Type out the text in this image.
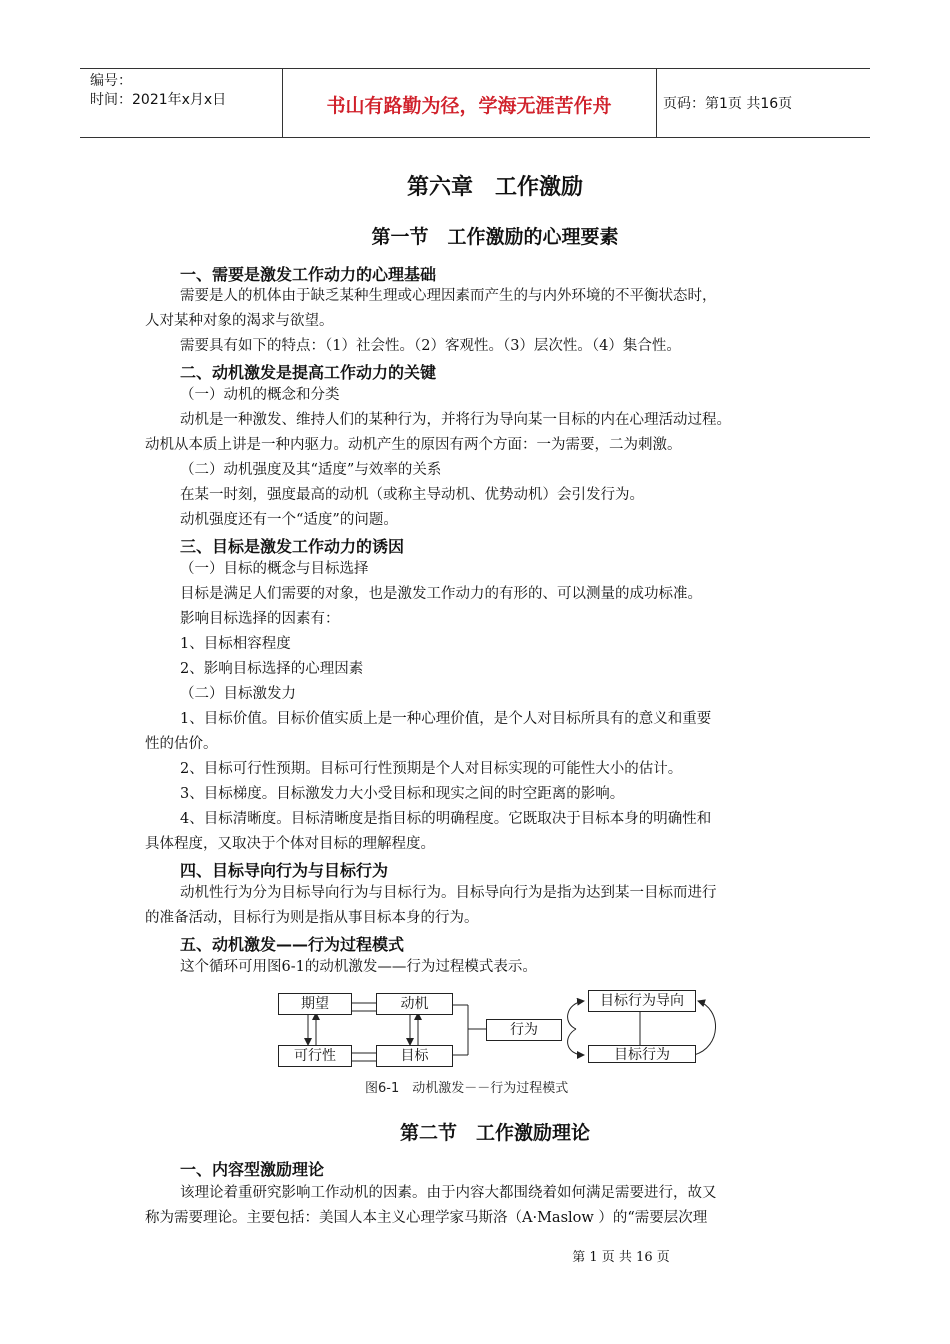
编号：
时间：2021年x月x日	书山有路勤为径，学海无涯苦作舟	页码：第1页 共16页
第六章　工作激励
第一节　工作激励的心理要素
一、需要是激发工作动力的心理基础
需要是人的机体由于缺乏某种生理或心理因素而产生的与内外环境的不平衡状态时，
人对某种对象的渴求与欲望。
需要具有如下的特点：（1）社会性。（2）客观性。（3）层次性。（4）集合性。
二、动机激发是提高工作动力的关键
（一）动机的概念和分类
动机是一种激发、维持人们的某种行为，并将行为导向某一目标的内在心理活动过程。
动机从本质上讲是一种内驱力。动机产生的原因有两个方面：一为需要，二为刺激。
（二）动机强度及其“适度”与效率的关系
在某一时刻，强度最高的动机（或称主导动机、优势动机）会引发行为。
动机强度还有一个“适度”的问题。
三、目标是激发工作动力的诱因
（一）目标的概念与目标选择
目标是满足人们需要的对象，也是激发工作动力的有形的、可以测量的成功标准。
影响目标选择的因素有：
1、目标相容程度
2、影响目标选择的心理因素
（二）目标激发力
1、目标价值。目标价值实质上是一种心理价值，是个人对目标所具有的意义和重要
性的估价。
2、目标可行性预期。目标可行性预期是个人对目标实现的可能性大小的估计。
3、目标梯度。目标激发力大小受目标和现实之间的时空距离的影响。
4、目标清晰度。目标清晰度是指目标的明确程度。它既取决于目标本身的明确性和
具体程度，又取决于个体对目标的理解程度。
四、目标导向行为与目标行为
动机性行为分为目标导向行为与目标行为。目标导向行为是指为达到某一目标而进行
的准备活动，目标行为则是指从事目标本身的行为。
五、动机激发——行为过程模式
这个循环可用图6-1的动机激发——行为过程模式表示。
期望	动机
可行性	目标
行为
目标行为导向
目标行为
图6-1　动机激发－－行为过程模式
第二节　工作激励理论
一、内容型激励理论
该理论着重研究影响工作动机的因素。由于内容大都围绕着如何满足需要进行，故又
称为需要理论。主要包括：美国人本主义心理学家马斯洛（A·Maslow ）的“需要层次理
第 1 页 共 16 页
